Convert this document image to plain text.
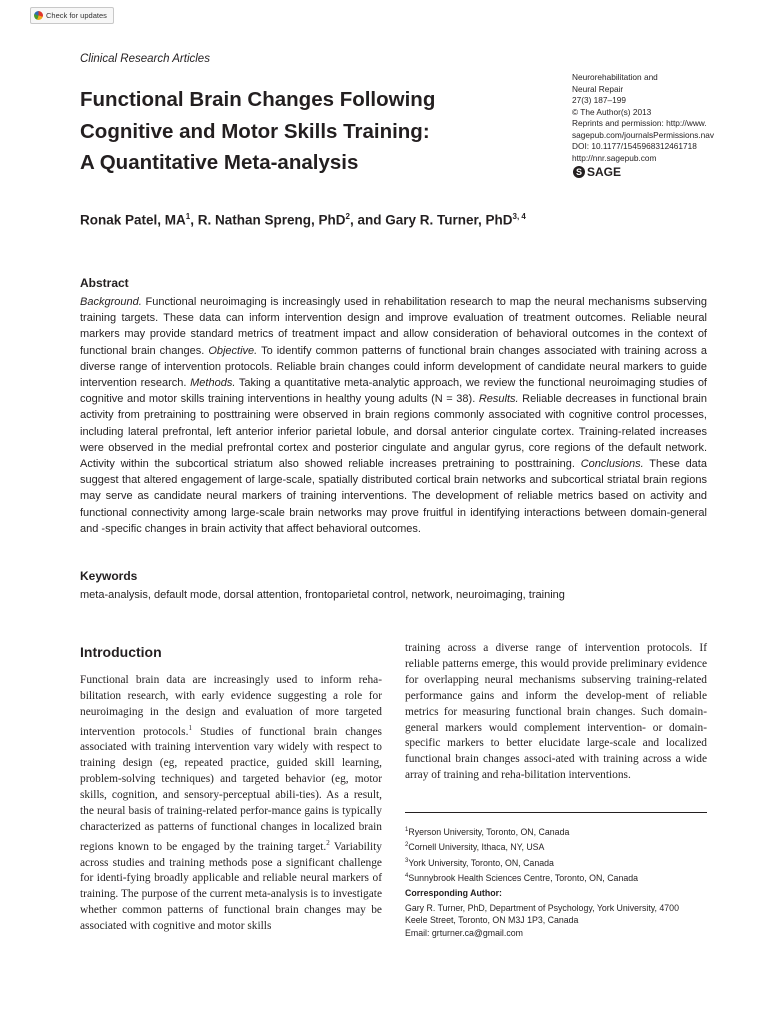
Check for updates
Clinical Research Articles
Functional Brain Changes Following
Cognitive and Motor Skills Training:
A Quantitative Meta-analysis
Neurorehabilitation and
Neural Repair
27(3) 187–199
© The Author(s) 2013
Reprints and permission: http://www.
sagepub.com/journalsPermissions.nav
DOI: 10.1177/1545968312461718
http://nnr.sagepub.com
S SAGE
Ronak Patel, $MA^1$, R. Nathan Spreng, PhD$^2$, and Gary R. Turner, PhD$^{3, 4}$
Abstract
Background. Functional neuroimaging is increasingly used in rehabilitation research to map the neural mechanisms subserving training targets. These data can inform intervention design and improve evaluation of treatment outcomes. Reliable neural markers may provide standard metrics of treatment impact and allow consideration of behavioral outcomes in the context of functional brain changes. Objective. To identify common patterns of functional brain changes associated with training across a diverse range of intervention protocols. Reliable brain changes could inform development of candidate neural markers to guide intervention research. Methods. Taking a quantitative meta-analytic approach, we review the functional neuroimaging studies of cognitive and motor skills training interventions in healthy young adults (N = 38). Results. Reliable decreases in functional brain activity from pretraining to posttraining were observed in brain regions commonly associated with cognitive control processes, including lateral prefrontal, left anterior inferior parietal lobule, and dorsal anterior cingulate cortex. Training-related increases were observed in the medial prefrontal cortex and posterior cingulate and angular gyrus, core regions of the default network. Activity within the subcortical striatum also showed reliable increases pretraining to posttraining. Conclusions. These data suggest that altered engagement of large-scale, spatially distributed cortical brain networks and subcortical striatal brain regions may serve as candidate neural markers of training interventions. The development of reliable metrics based on activity and functional connectivity among large-scale brain networks may prove fruitful in identifying interactions between domain-general and -specific changes in brain activity that affect behavioral outcomes.
Keywords
meta-analysis, default mode, dorsal attention, frontoparietal control, network, neuroimaging, training
Introduction
Functional brain data are increasingly used to inform reha-bilitation research, with early evidence suggesting a role for neuroimaging in the design and evaluation of more targeted intervention protocols.$^1$ Studies of functional brain changes associated with training intervention vary widely with respect to training design (eg, repeated practice, guided skill learning, problem-solving techniques) and targeted behavior (eg, motor skills, cognition, and sensory-perceptual abili-ties). As a result, the neural basis of training-related perfor-mance gains is typically characterized as patterns of functional changes in localized brain regions known to be engaged by the training target.$^2$ Variability across studies and training methods pose a significant challenge for identi-fying broadly applicable and reliable neural markers of training. The purpose of the current meta-analysis is to investigate whether common patterns of functional brain changes may be associated with cognitive and motor skills
training across a diverse range of intervention protocols. If reliable patterns emerge, this would provide preliminary evidence for overlapping neural mechanisms subserving training-related performance gains and inform the develop-ment of reliable metrics for measuring functional brain changes. Such domain-general markers would complement intervention- or domain-specific markers to better elucidate large-scale and localized functional brain changes associ-ated with training across a wide array of training and reha-bilitation interventions.
$^1$Ryerson University, Toronto, ON, Canada
$^2$Cornell University, Ithaca, NY, USA
$^3$York University, Toronto, ON, Canada
$^4$Sunnybrook Health Sciences Centre, Toronto, ON, Canada
Corresponding Author:
Gary R. Turner, PhD, Department of Psychology, York University, 4700
Keele Street, Toronto, ON M3J 1P3, Canada
Email: grturner.ca@gmail.com
